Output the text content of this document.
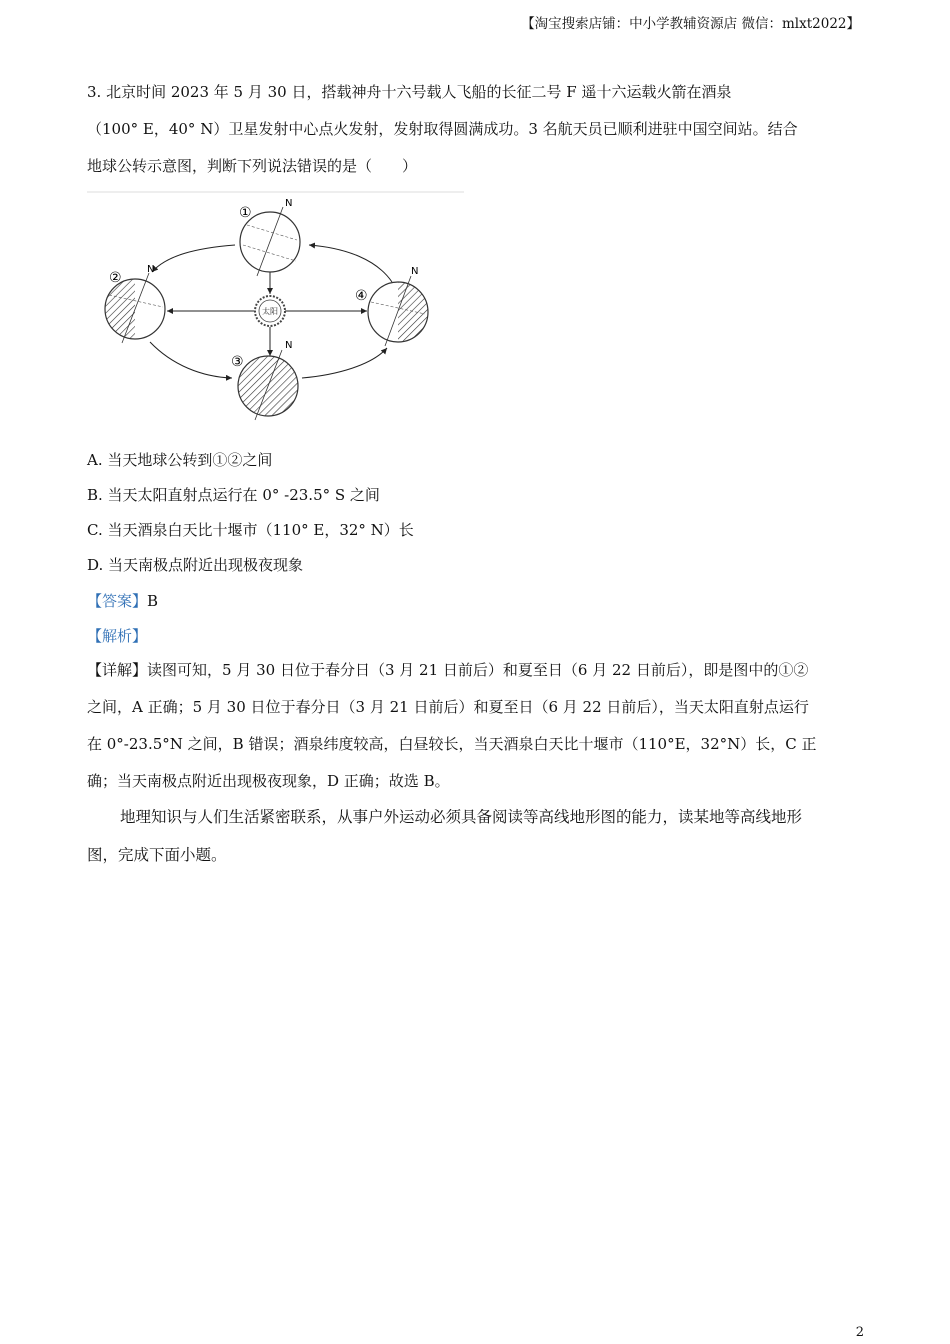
【淘宝搜索店铺：中小学教辅资源店 微信：mlxt2022】
3. 北京时间 2023 年 5 月 30 日，搭载神舟十六号载人飞船的长征二号 F 遥十六运载火箭在酒泉
（100° E，40° N）卫星发射中心点火发射，发射取得圆满成功。3 名航天员已顺利进驻中国空间站。结合
地球公转示意图，判断下列说法错误的是（　　）
太阳
①
N
②
N
③
N
④
N
A. 当天地球公转到①②之间
B. 当天太阳直射点运行在 0° -23.5° S 之间
C. 当天酒泉白天比十堰市（110° E，32° N）长
D. 当天南极点附近出现极夜现象
【答案】B
【解析】
【详解】读图可知，5 月 30 日位于春分日（3 月 21 日前后）和夏至日（6 月 22 日前后），即是图中的①②
之间，A 正确；5 月 30 日位于春分日（3 月 21 日前后）和夏至日（6 月 22 日前后），当天太阳直射点运行
在 0°-23.5°N 之间，B 错误；酒泉纬度较高，白昼较长，当天酒泉白天比十堰市（110°E，32°N）长，C 正
确；当天南极点附近出现极夜现象，D 正确；故选 B。
地理知识与人们生活紧密联系，从事户外运动必须具备阅读等高线地形图的能力，读某地等高线地形
图，完成下面小题。
2
